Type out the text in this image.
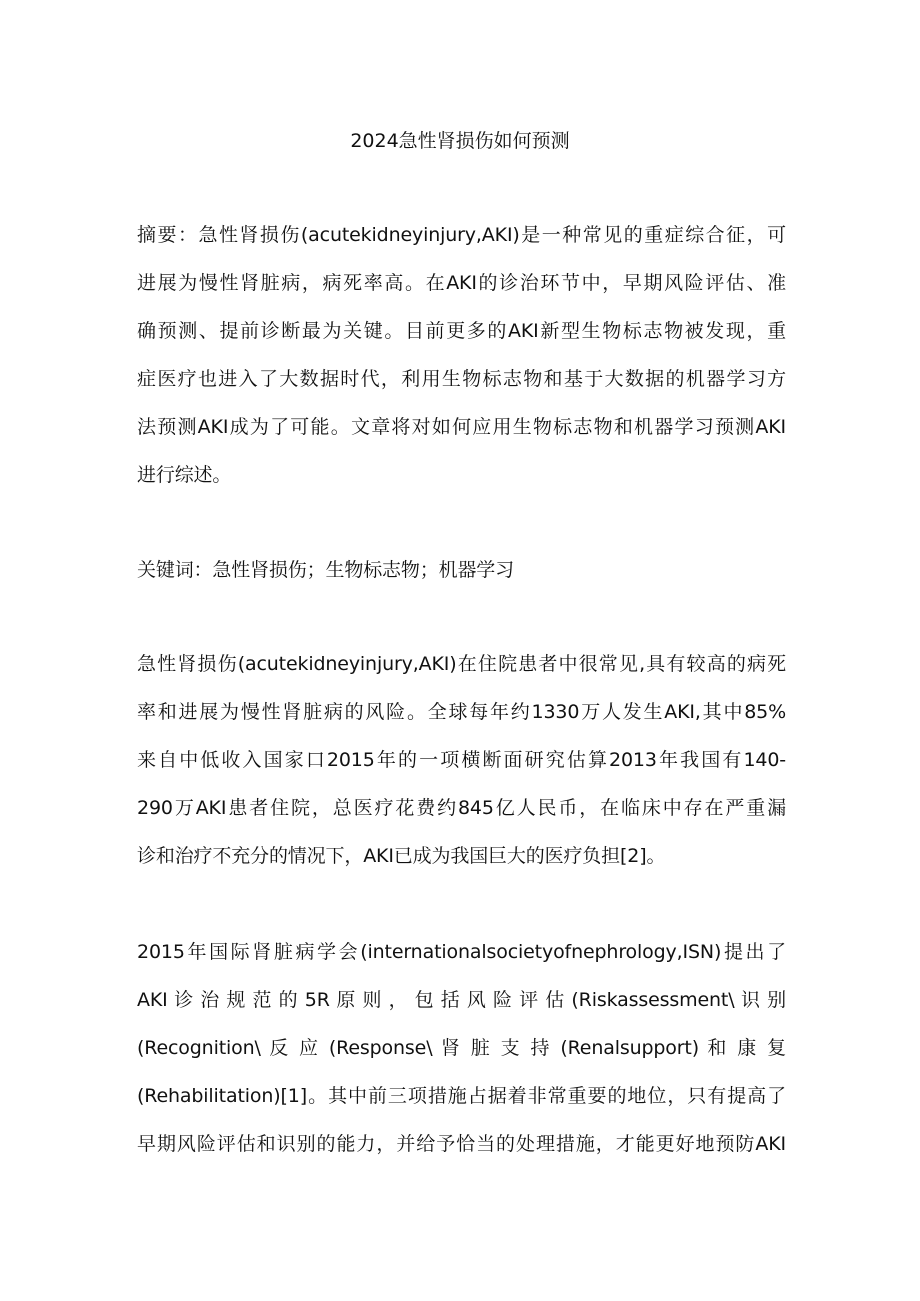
2024急性肾损伤如何预测
摘要：急性肾损伤(acutekidneyinjury,AKI)是一种常见的重症综合征，可
进展为慢性肾脏病，病死率高。在AKI的诊治环节中，早期风险评估、准
确预测、提前诊断最为关键。目前更多的AKI新型生物标志物被发现，重
症医疗也进入了大数据时代，利用生物标志物和基于大数据的机器学习方
法预测AKI成为了可能。文章将对如何应用生物标志物和机器学习预测AKI
进行综述。
关键词：急性肾损伤；生物标志物；机器学习
急性肾损伤(acutekidneyinjury,AKI)在住院患者中很常见,具有较高的病死
率和进展为慢性肾脏病的风险。全球每年约1330万人发生AKI,其中85%
来自中低收入国家口2015年的一项横断面研究估算2013年我国有140-
290万AKI患者住院，总医疗花费约845亿人民币，在临床中存在严重漏
诊和治疗不充分的情况下，AKI已成为我国巨大的医疗负担[2]。
2015年国际肾脏病学会(internationalsocietyofnephrology,ISN)提出了
AKI 诊 治 规 范 的 5R 原 则 ， 包 括 风 险 评 估 (Riskassessment\ 识 别
(Recognition\ 反 应 (Response\ 肾 脏 支 持 (Renalsupport) 和 康 复
(Rehabilitation)[1]。其中前三项措施占据着非常重要的地位，只有提高了
早期风险评估和识别的能力，并给予恰当的处理措施，才能更好地预防AKI
